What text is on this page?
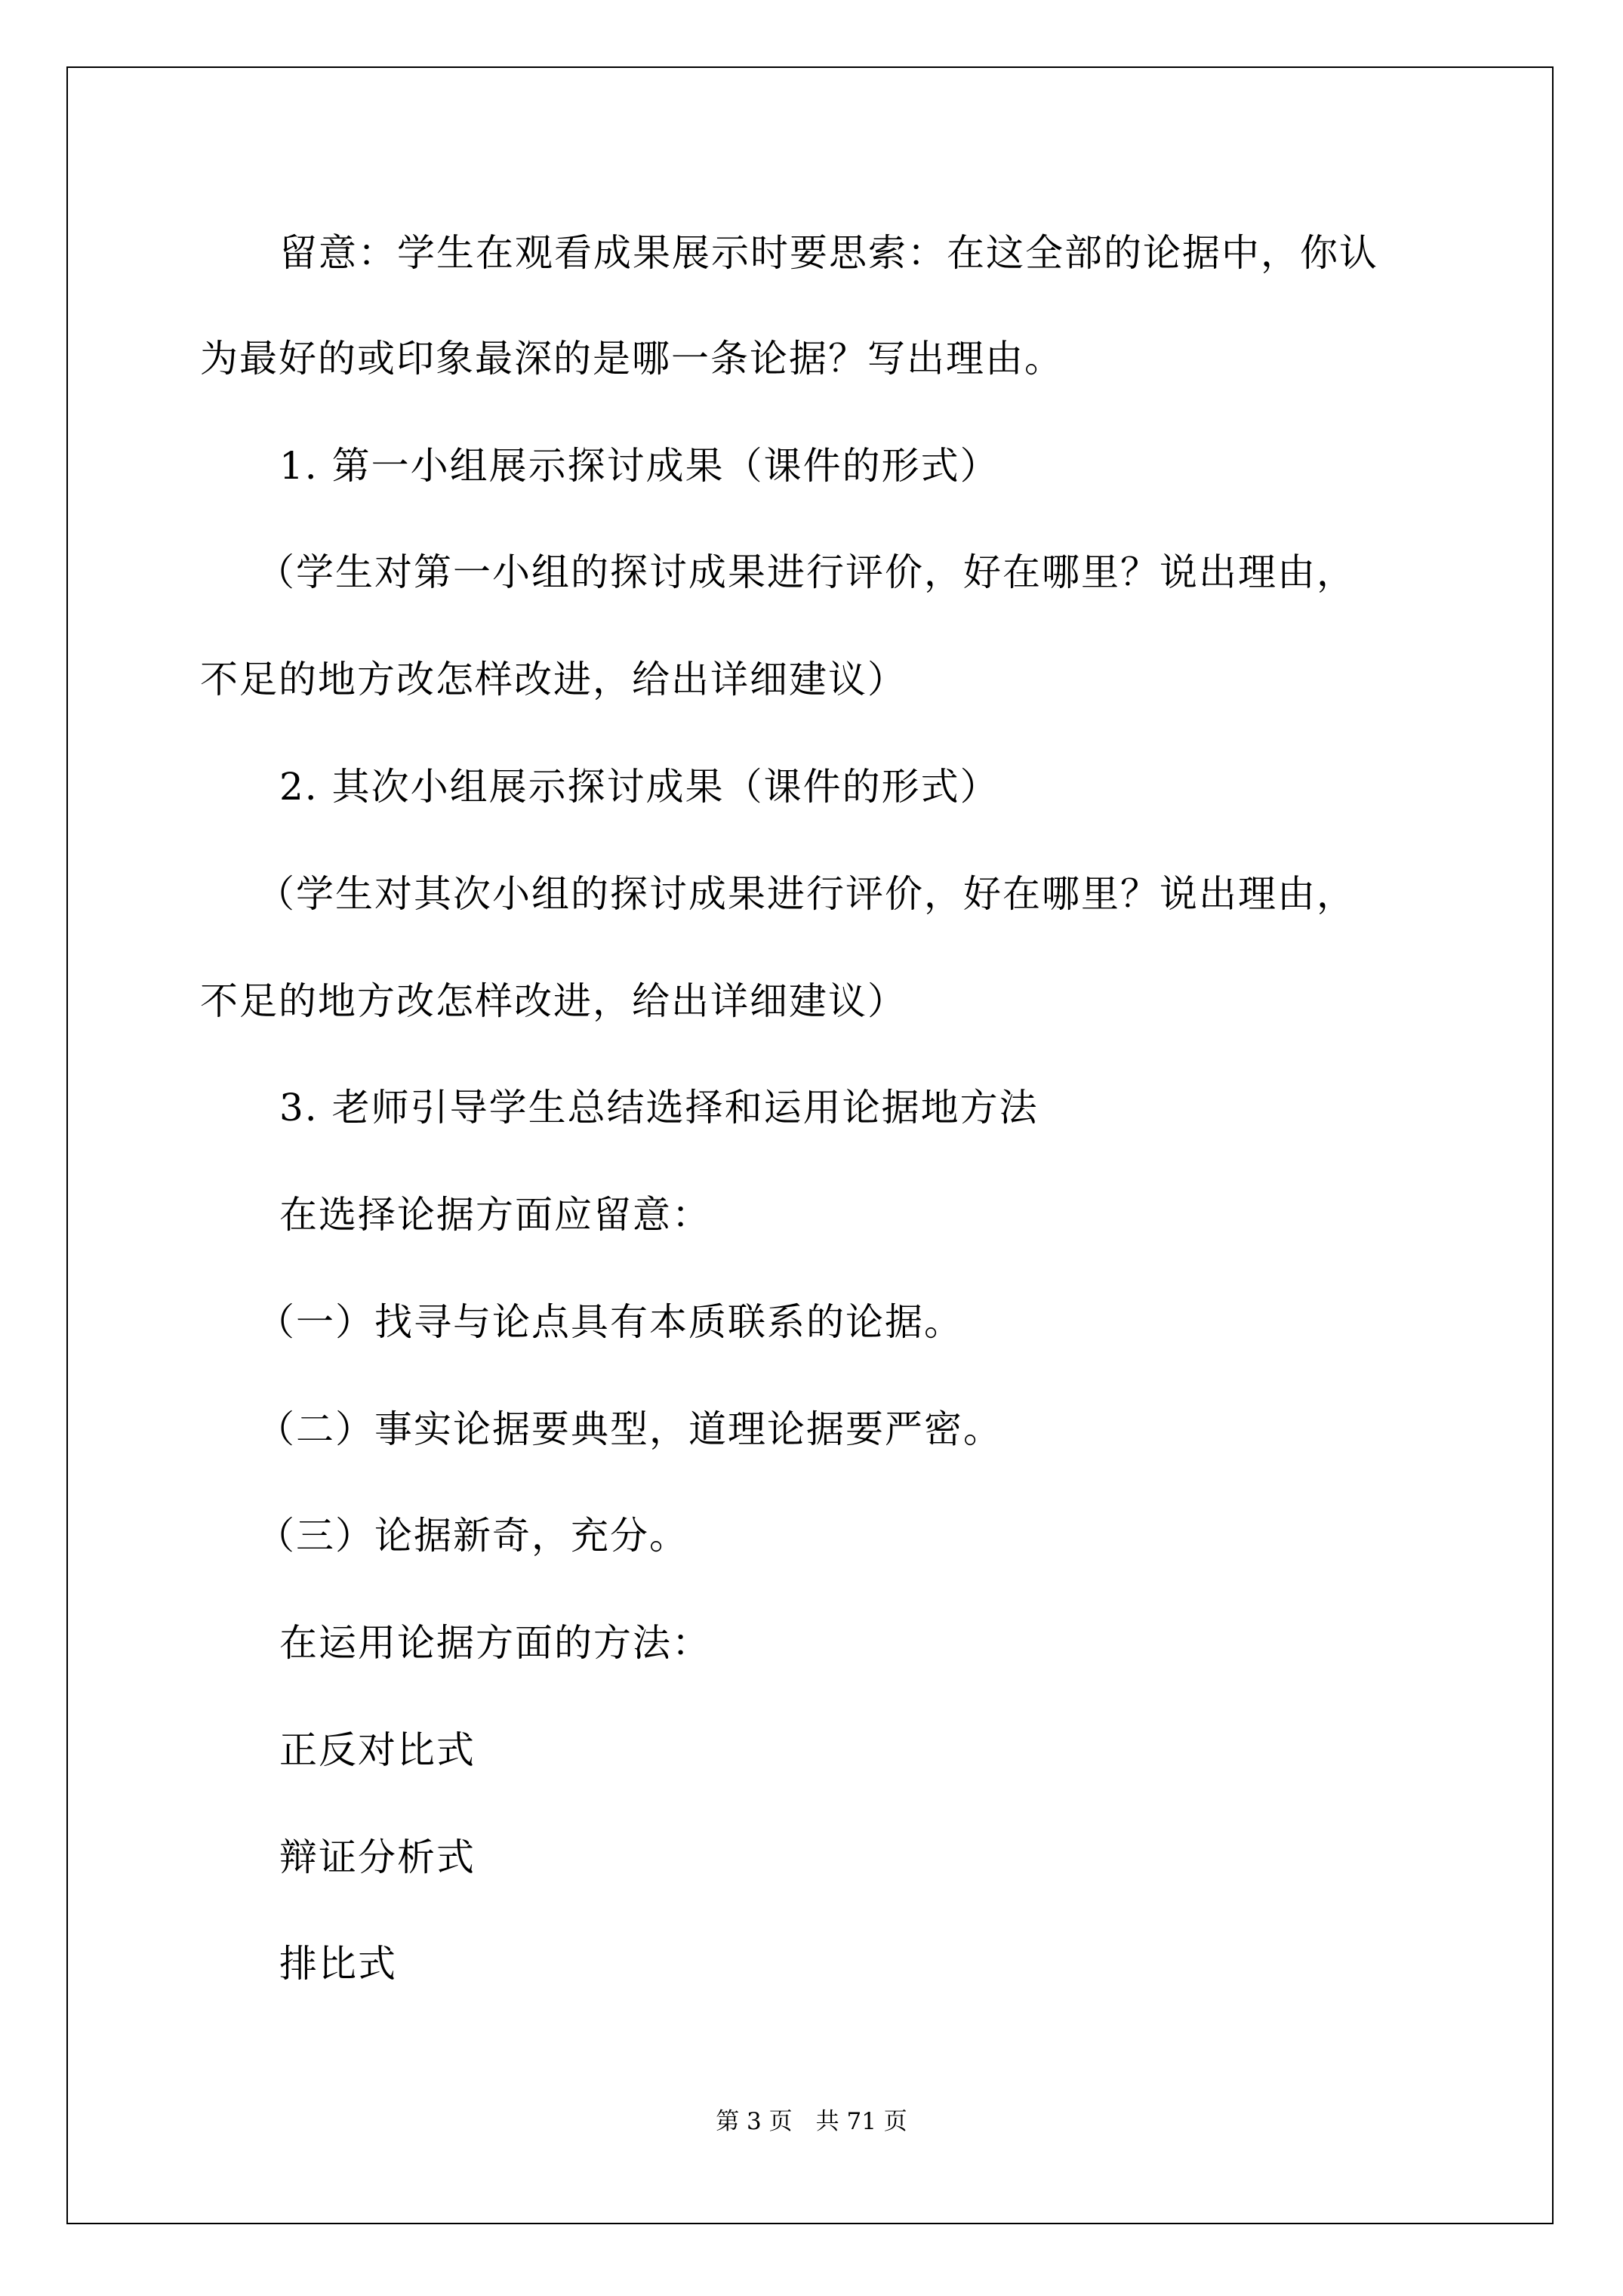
留意：学生在观看成果展示时要思索：在这全部的论据中，你认
为最好的或印象最深的是哪一条论据？写出理由。
1. 第一小组展示探讨成果（课件的形式）
（学生对第一小组的探讨成果进行评价，好在哪里？说出理由，
不足的地方改怎样改进，给出详细建议）
2. 其次小组展示探讨成果（课件的形式）
（学生对其次小组的探讨成果进行评价，好在哪里？说出理由，
不足的地方改怎样改进，给出详细建议）
3. 老师引导学生总结选择和运用论据地方法
在选择论据方面应留意：
（一）找寻与论点具有本质联系的论据。
（二）事实论据要典型，道理论据要严密。
（三）论据新奇，充分。
在运用论据方面的方法：
正反对比式
辩证分析式
排比式
第 3 页　共 71 页
